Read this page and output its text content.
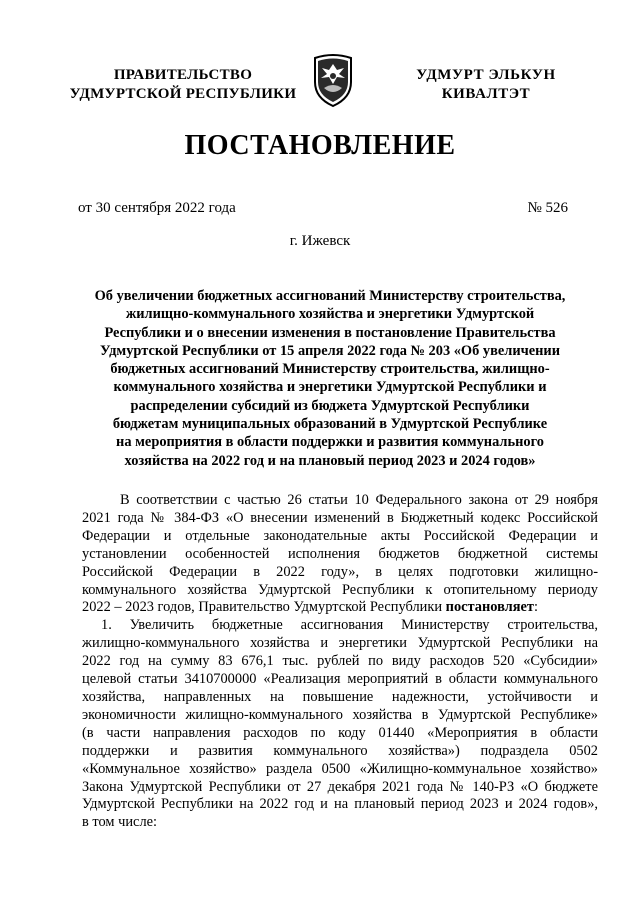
ПРАВИТЕЛЬСТВО
УДМУРТСКОЙ РЕСПУБЛИКИ
УДМУРТ ЭЛЬКУН
КИВАЛТЭТ
ПОСТАНОВЛЕНИЕ
от 30 сентября 2022 года	№ 526
г. Ижевск
Об увеличении бюджетных ассигнований Министерству строительства,
жилищно-коммунального хозяйства и энергетики Удмуртской
Республики и о внесении изменения в постановление Правительства
Удмуртской Республики от 15 апреля 2022 года № 203 «Об увеличении
бюджетных ассигнований Министерству строительства, жилищно-
коммунального хозяйства и энергетики Удмуртской Республики и
распределении субсидий из бюджета Удмуртской Республики
бюджетам муниципальных образований в Удмуртской Республике
на мероприятия в области поддержки и развития коммунального
хозяйства на 2022 год и на плановый период 2023 и 2024 годов»
В соответствии с частью 26 статьи 10 Федерального закона от 29 ноября
2021 года № 384-ФЗ «О внесении изменений в Бюджетный кодекс Российской
Федерации и отдельные законодательные акты Российской Федерации и
установлении особенностей исполнения бюджетов бюджетной системы
Российской Федерации в 2022 году», в целях подготовки жилищно-
коммунального хозяйства Удмуртской Республики к отопительному периоду
2022 – 2023 годов, Правительство Удмуртской Республики постановляет:
1. Увеличить бюджетные ассигнования Министерству строительства,
жилищно-коммунального хозяйства и энергетики Удмуртской Республики на
2022 год на сумму 83 676,1 тыс. рублей по виду расходов 520 «Субсидии»
целевой статьи 3410700000 «Реализация мероприятий в области коммунального
хозяйства, направленных на повышение надежности, устойчивости и
экономичности жилищно-коммунального хозяйства в Удмуртской Республике»
(в части направления расходов по коду 01440 «Мероприятия в области
поддержки и развития коммунального хозяйства») подраздела 0502
«Коммунальное хозяйство» раздела 0500 «Жилищно-коммунальное хозяйство»
Закона Удмуртской Республики от 27 декабря 2021 года № 140-РЗ «О бюджете
Удмуртской Республики на 2022 год и на плановый период 2023 и 2024 годов»,
в том числе:
